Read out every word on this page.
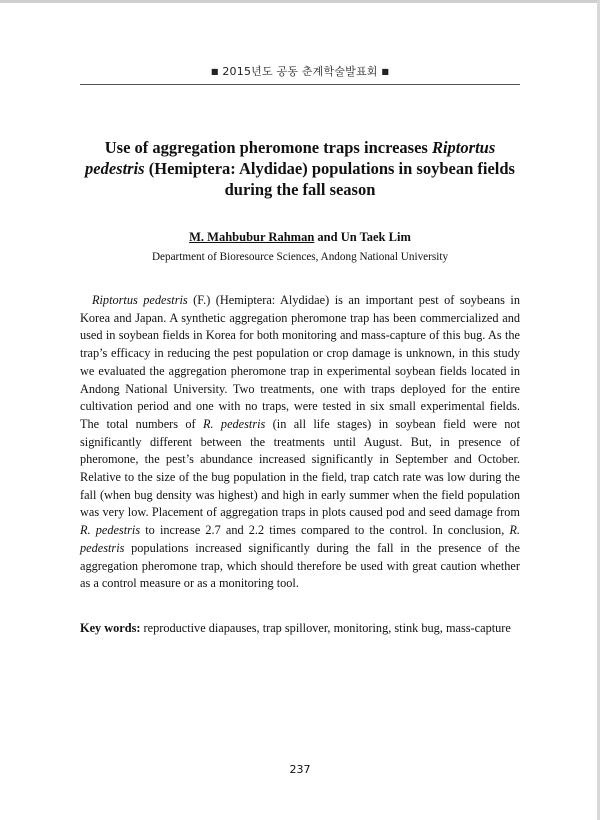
■ 2015년도 공동 춘계학술발표회 ■
Use of aggregation pheromone traps increases Riptortus pedestris (Hemiptera: Alydidae) populations in soybean fields during the fall season
M. Mahbubur Rahman and Un Taek Lim
Department of Bioresource Sciences, Andong National University

Riptortus pedestris (F.) (Hemiptera: Alydidae) is an important pest of soybeans in Korea and Japan. A synthetic aggregation pheromone trap has been commercialized and used in soybean fields in Korea for both monitoring and mass-capture of this bug. As the trap’s efficacy in reducing the pest population or crop damage is unknown, in this study we evaluated the aggregation pheromone trap in experimental soybean fields located in Andong National University. Two treatments, one with traps deployed for the entire cultivation period and one with no traps, were tested in six small experimental fields. The total numbers of R. pedestris (in all life stages) in soybean field were not significantly different between the treatments until August. But, in presence of pheromone, the pest’s abundance increased significantly in September and October. Relative to the size of the bug population in the field, trap catch rate was low during the fall (when bug density was highest) and high in early summer when the field population was very low. Placement of aggregation traps in plots caused pod and seed damage from R. pedestris to increase 2.7 and 2.2 times compared to the control. In conclusion, R. pedestris populations increased significantly during the fall in the presence of the aggregation pheromone trap, which should therefore be used with great caution whether as a control measure or as a monitoring tool.

Key words: reproductive diapauses, trap spillover, monitoring, stink bug, mass-capture
237
